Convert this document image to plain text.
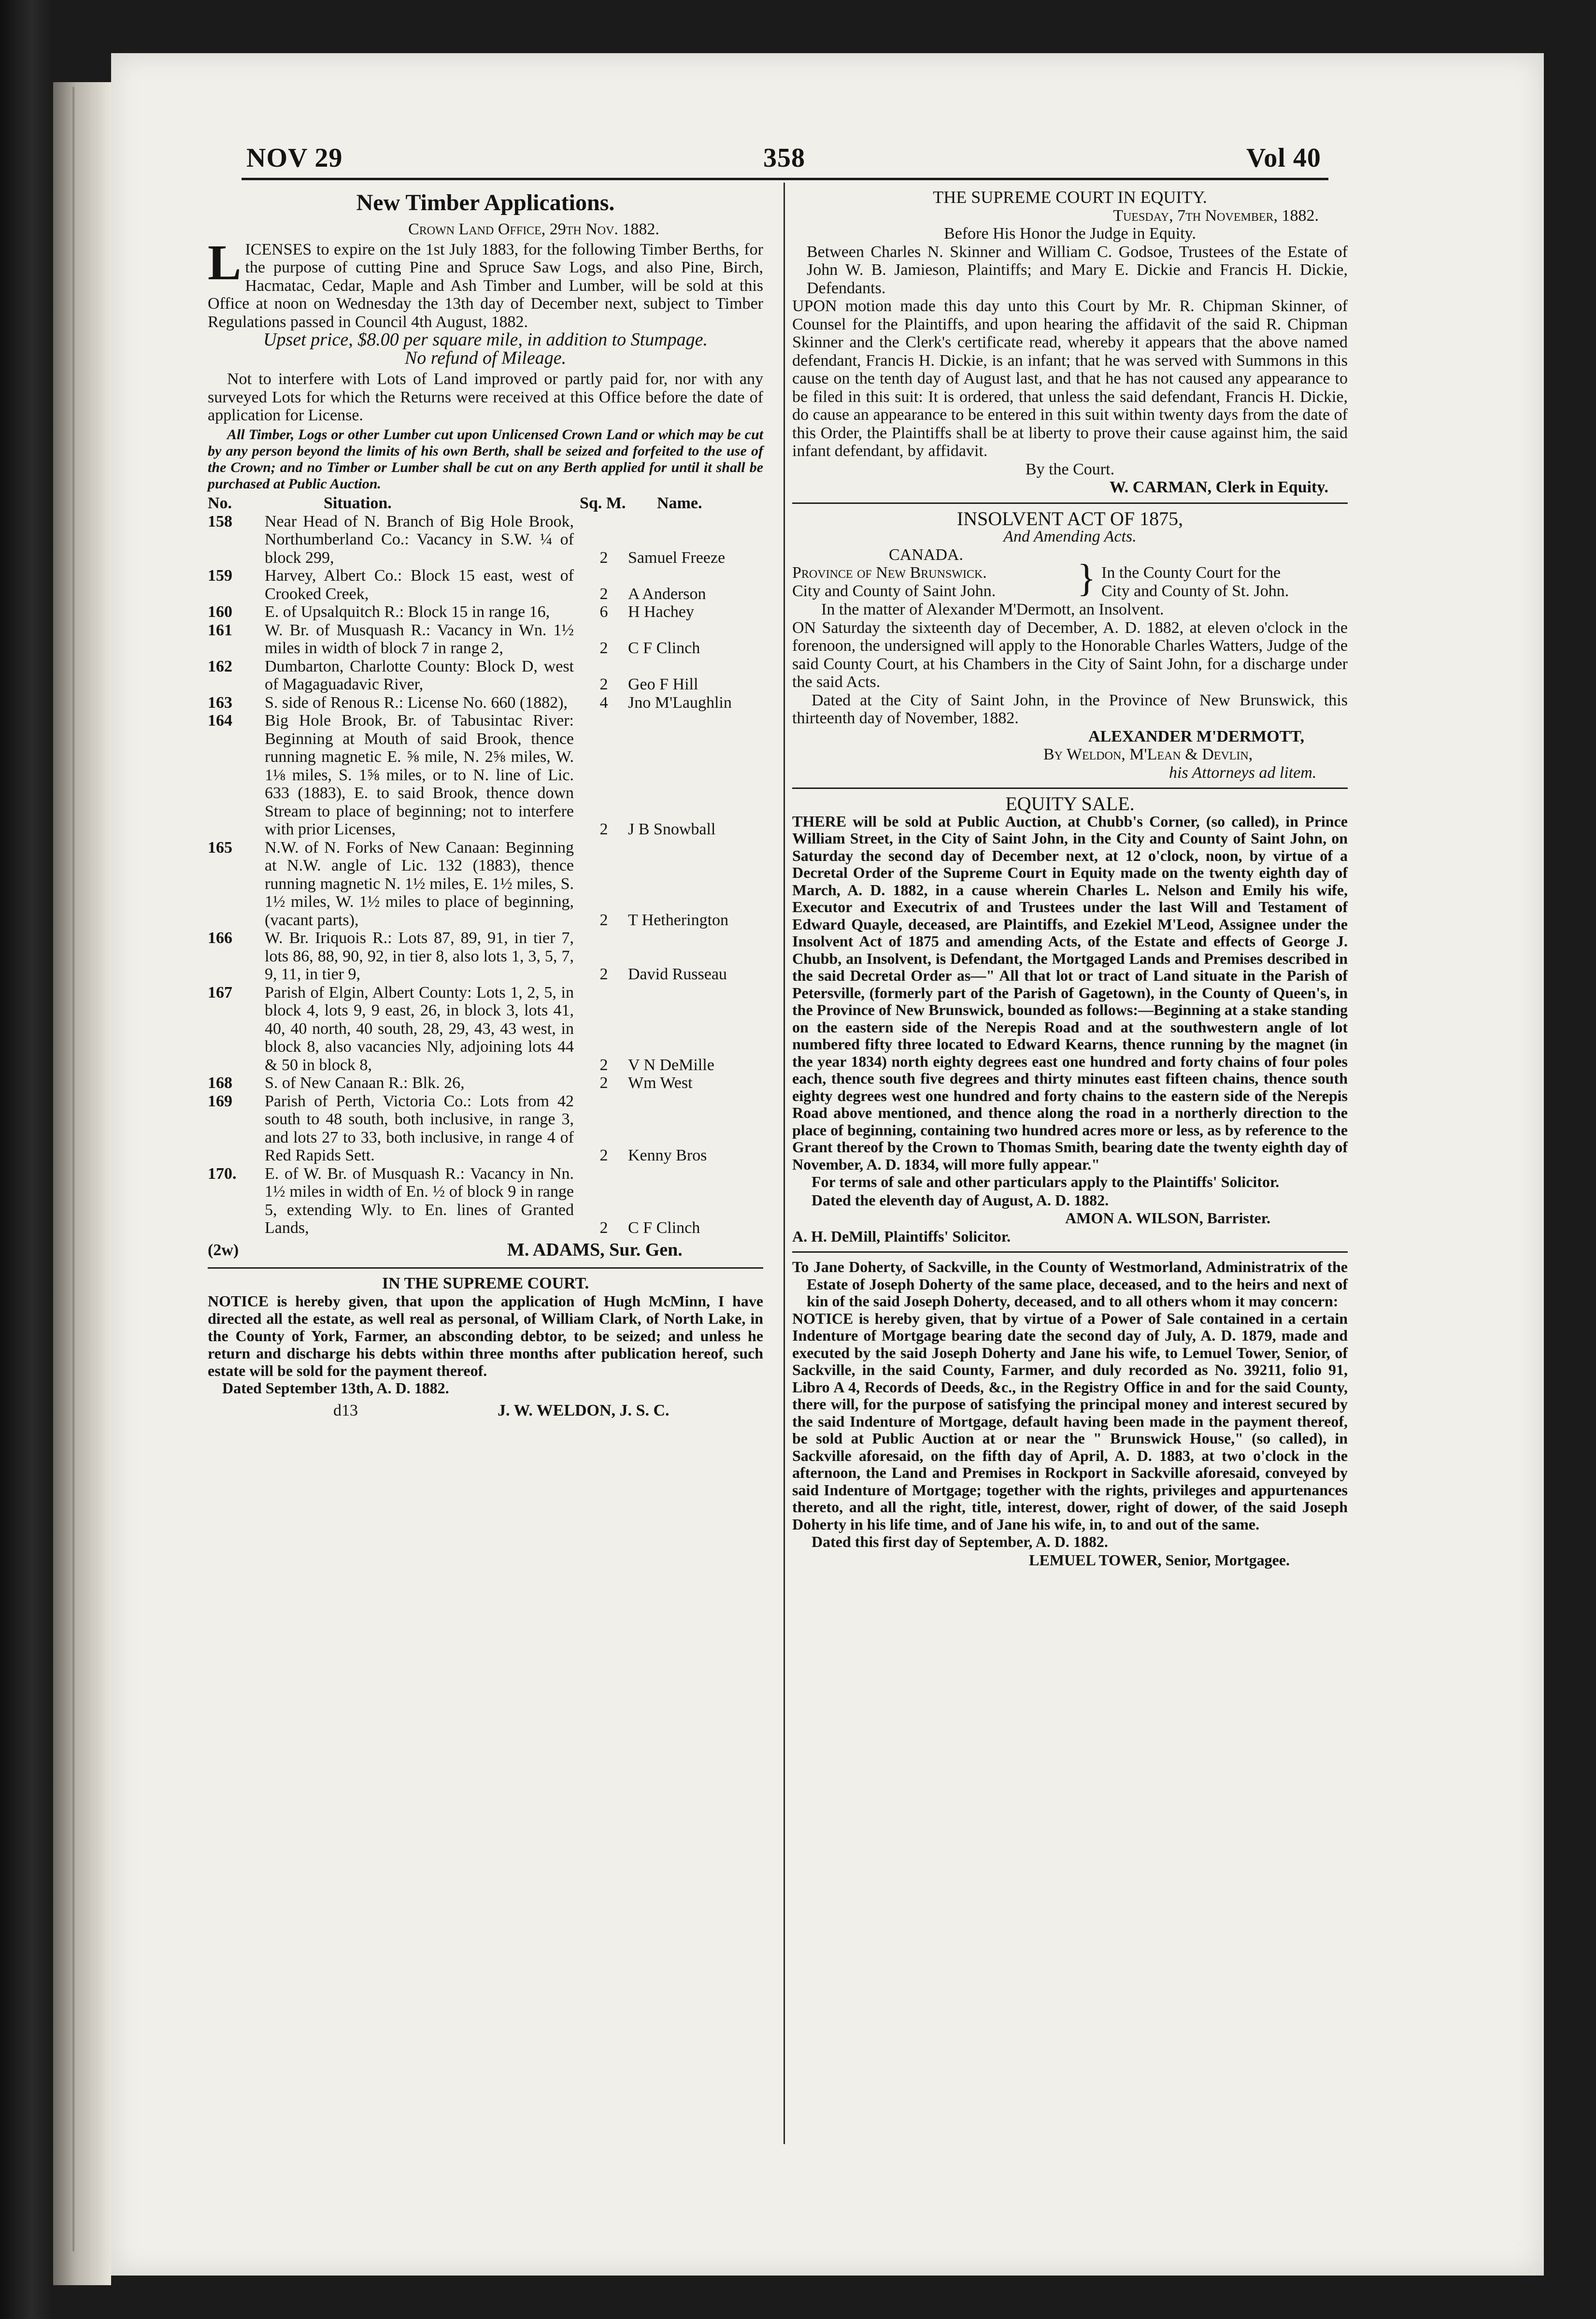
NOV 29	358	Vol 40
New Timber Applications.
Crown Land Office, 29th Nov. 1882.

LICENSES to expire on the 1st July 1883, for the following Timber Berths, for the purpose of cutting Pine and Spruce Saw Logs, and also Pine, Birch, Hacmatac, Cedar, Maple and Ash Timber and Lumber, will be sold at this Office at noon on Wednesday the 13th day of December next, subject to Timber Regulations passed in Council 4th August, 1882.

Upset price, $8.00 per square mile, in addition to Stumpage.
No refund of Mileage.

Not to interfere with Lots of Land improved or partly paid for, nor with any surveyed Lots for which the Returns were received at this Office before the date of application for License.

All Timber, Logs or other Lumber cut upon Unlicensed Crown Land or which may be cut by any person beyond the limits of his own Berth, shall be seized and forfeited to the use of the Crown; and no Timber or Lumber shall be cut on any Berth applied for until it shall be purchased at Public Auction.

No.	Situation.	Sq. M. Name.
158	Near Head of N. Branch of Big Hole Brook, Northumberland Co.: Vacancy in S.W. ¼ of block 299,	2	Samuel Freeze
159	Harvey, Albert Co.: Block 15 east, west of Crooked Creek,	2	A Anderson
160	E. of Upsalquitch R.: Block 15 in range 16,	6	H Hachey
161	W. Br. of Musquash R.: Vacancy in Wn. 1½ miles in width of block 7 in range 2,	2	C F Clinch
162	Dumbarton, Charlotte County: Block D, west of Magaguadavic River,	2	Geo F Hill
163	S. side of Renous R.: License No. 660 (1882),	4	Jno M'Laughlin
164	Big Hole Brook, Br. of Tabusintac River: Beginning at Mouth of said Brook, thence running magnetic E. ⅝ mile, N. 2⅝ miles, W. 1⅛ miles, S. 1⅝ miles, or to N. line of Lic. 633 (1883), E. to said Brook, thence down Stream to place of beginning; not to interfere with prior Licenses,	2	J B Snowball
165	N.W. of N. Forks of New Canaan: Beginning at N.W. angle of Lic. 132 (1883), thence running magnetic N. 1½ miles, E. 1½ miles, S. 1½ miles, W. 1½ miles to place of beginning, (vacant parts),	2	T Hetherington
166	W. Br. Iriquois R.: Lots 87, 89, 91, in tier 7, lots 86, 88, 90, 92, in tier 8, also lots 1, 3, 5, 7, 9, 11, in tier 9,	2	David Russeau
167	Parish of Elgin, Albert County: Lots 1, 2, 5, in block 4, lots 9, 9 east, 26, in block 3, lots 41, 40, 40 north, 40 south, 28, 29, 43, 43 west, in block 8, also vacancies Nly, adjoining lots 44 & 50 in block 8,	2	V N DeMille
168	S. of New Canaan R.: Blk. 26,	2	Wm West
169	Parish of Perth, Victoria Co.: Lots from 42 south to 48 south, both inclusive, in range 3, and lots 27 to 33, both inclusive, in range 4 of Red Rapids Sett.	2	Kenny Bros
170.	E. of W. Br. of Musquash R.: Vacancy in Nn. 1½ miles in width of En. ½ of block 9 in range 5, extending Wly. to En. lines of Granted Lands,	2	C F Clinch
(2w)	M. ADAMS, Sur. Gen.
IN THE SUPREME COURT.

NOTICE is hereby given, that upon the application of Hugh McMinn, I have directed all the estate, as well real as personal, of William Clark, of North Lake, in the County of York, Farmer, an absconding debtor, to be seized; and unless he return and discharge his debts within three months after publication hereof, such estate will be sold for the payment thereof.

Dated September 13th, A. D. 1882.

d13	J. W. WELDON, J. S. C.
THE SUPREME COURT IN EQUITY.
Tuesday, 7th November, 1882.
Before His Honor the Judge in Equity.

Between Charles N. Skinner and William C. Godsoe, Trustees of the Estate of John W. B. Jamieson, Plaintiffs; and Mary E. Dickie and Francis H. Dickie, Defendants.

UPON motion made this day unto this Court by Mr. R. Chipman Skinner, of Counsel for the Plaintiffs, and upon hearing the affidavit of the said R. Chipman Skinner and the Clerk's certificate read, whereby it appears that the above named defendant, Francis H. Dickie, is an infant; that he was served with Summons in this cause on the tenth day of August last, and that he has not caused any appearance to be filed in this suit: It is ordered, that unless the said defendant, Francis H. Dickie, do cause an appearance to be entered in this suit within twenty days from the date of this Order, the Plaintiffs shall be at liberty to prove their cause against him, the said infant defendant, by affidavit.

By the Court.
W. CARMAN, Clerk in Equity.
INSOLVENT ACT OF 1875,
And Amending Acts.
CANADA.
Province of New Brunswick.
City and County of Saint John. } In the County Court for the
City and County of St. John.
In the matter of Alexander M'Dermott, an Insolvent.

ON Saturday the sixteenth day of December, A. D. 1882, at eleven o'clock in the forenoon, the undersigned will apply to the Honorable Charles Watters, Judge of the said County Court, at his Chambers in the City of Saint John, for a discharge under the said Acts.

Dated at the City of Saint John, in the Province of New Brunswick, this thirteenth day of November, 1882.

ALEXANDER M'DERMOTT,
By Weldon, M'Lean & Devlin,
his Attorneys ad litem.
EQUITY SALE.

THERE will be sold at Public Auction, at Chubb's Corner, (so called), in Prince William Street, in the City of Saint John, in the City and County of Saint John, on Saturday the second day of December next, at 12 o'clock, noon, by virtue of a Decretal Order of the Supreme Court in Equity made on the twenty eighth day of March, A. D. 1882, in a cause wherein Charles L. Nelson and Emily his wife, Executor and Executrix of and Trustees under the last Will and Testament of Edward Quayle, deceased, are Plaintiffs, and Ezekiel M'Leod, Assignee under the Insolvent Act of 1875 and amending Acts, of the Estate and effects of George J. Chubb, an Insolvent, is Defendant, the Mortgaged Lands and Premises described in the said Decretal Order as—" All that lot or tract of Land situate in the Parish of Petersville, (formerly part of the Parish of Gagetown), in the County of Queen's, in the Province of New Brunswick, bounded as follows:—Beginning at a stake standing on the eastern side of the Nerepis Road and at the southwestern angle of lot numbered fifty three located to Edward Kearns, thence running by the magnet (in the year 1834) north eighty degrees east one hundred and forty chains of four poles each, thence south five degrees and thirty minutes east fifteen chains, thence south eighty degrees west one hundred and forty chains to the eastern side of the Nerepis Road above mentioned, and thence along the road in a northerly direction to the place of beginning, containing two hundred acres more or less, as by reference to the Grant thereof by the Crown to Thomas Smith, bearing date the twenty eighth day of November, A. D. 1834, will more fully appear."

For terms of sale and other particulars apply to the Plaintiffs' Solicitor.

Dated the eleventh day of August, A. D. 1882.

AMON A. WILSON, Barrister.
A. H. DeMill, Plaintiffs' Solicitor.

To Jane Doherty, of Sackville, in the County of Westmorland, Administratrix of the Estate of Joseph Doherty of the same place, deceased, and to the heirs and next of kin of the said Joseph Doherty, deceased, and to all others whom it may concern:

NOTICE is hereby given, that by virtue of a Power of Sale contained in a certain Indenture of Mortgage bearing date the second day of July, A. D. 1879, made and executed by the said Joseph Doherty and Jane his wife, to Lemuel Tower, Senior, of Sackville, in the said County, Farmer, and duly recorded as No. 39211, folio 91, Libro A 4, Records of Deeds, &c., in the Registry Office in and for the said County, there will, for the purpose of satisfying the principal money and interest secured by the said Indenture of Mortgage, default having been made in the payment thereof, be sold at Public Auction at or near the " Brunswick House," (so called), in Sackville aforesaid, on the fifth day of April, A. D. 1883, at two o'clock in the afternoon, the Land and Premises in Rockport in Sackville aforesaid, conveyed by said Indenture of Mortgage; together with the rights, privileges and appurtenances thereto, and all the right, title, interest, dower, right of dower, of the said Joseph Doherty in his life time, and of Jane his wife, in, to and out of the same.

Dated this first day of September, A. D. 1882.

LEMUEL TOWER, Senior, Mortgagee.
